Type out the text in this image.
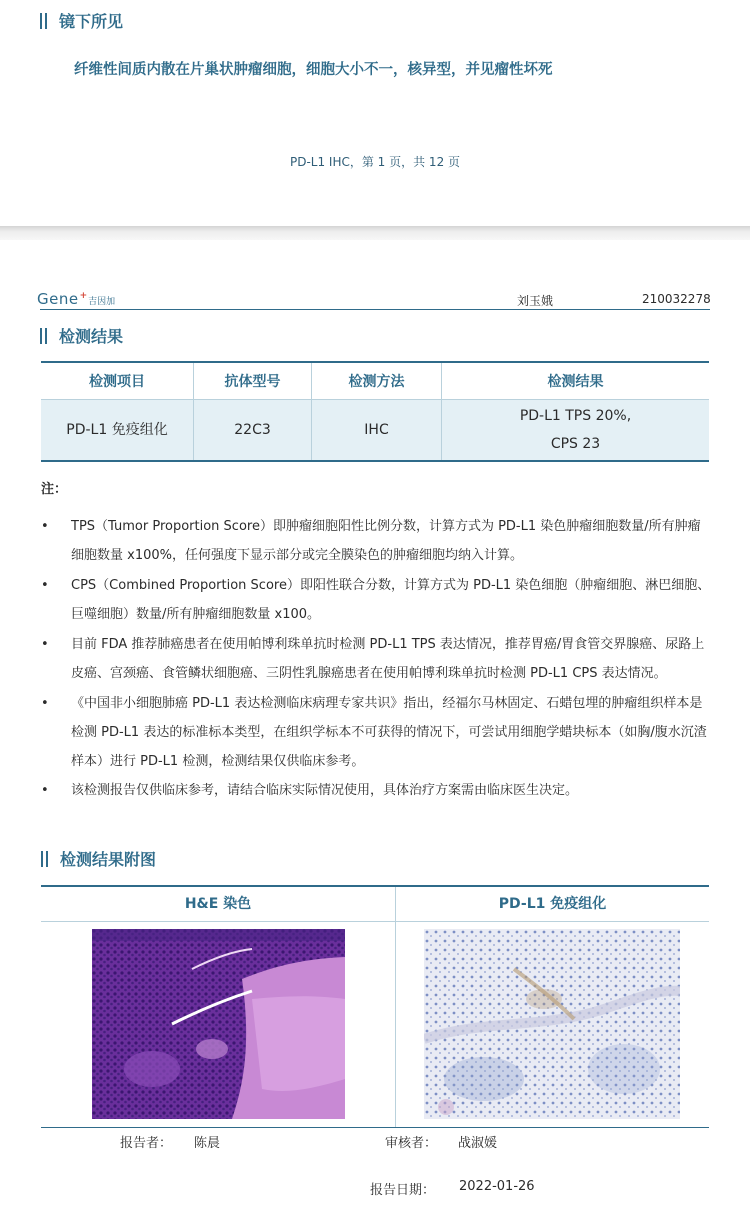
镜下所见
纤维性间质内散在片巢状肿瘤细胞，细胞大小不一，核异型，并见瘤性坏死
PD-L1 IHC，第 1 页，共 12 页
Gene +
吉因加	刘玉娥	210032278
检测结果
检测项目	抗体型号	检测方法	检测结果
PD-L1 免疫组化	22C3	IHC	PD-L1 TPS 20%,
CPS 23
注：
• TPS（Tumor Proportion Score）即肿瘤细胞阳性比例分数，计算方式为 PD-L1 染色肿瘤细胞数量/所有肿瘤细胞数量 x100%，任何强度下显示部分或完全膜染色的肿瘤细胞均纳入计算。
• CPS（Combined Proportion Score）即阳性联合分数，计算方式为 PD-L1 染色细胞（肿瘤细胞、淋巴细胞、巨噬细胞）数量/所有肿瘤细胞数量 x100。
• 目前 FDA 推荐肺癌患者在使用帕博利珠单抗时检测 PD-L1 TPS 表达情况，推荐胃癌/胃食管交界腺癌、尿路上皮癌、宫颈癌、食管鳞状细胞癌、三阴性乳腺癌患者在使用帕博利珠单抗时检测 PD-L1 CPS 表达情况。
• 《中国非小细胞肺癌 PD-L1 表达检测临床病理专家共识》指出，经福尔马林固定、石蜡包埋的肿瘤组织样本是检测 PD-L1 表达的标准标本类型，在组织学标本不可获得的情况下，可尝试用细胞学蜡块标本（如胸/腹水沉渣样本）进行 PD-L1 检测，检测结果仅供临床参考。
• 该检测报告仅供临床参考，请结合临床实际情况使用，具体治疗方案需由临床医生决定。
检测结果附图
H&E 染色	PD-L1 免疫组化
报告者： 陈晨	审核者： 战淑媛
报告日期： 2022-01-26
